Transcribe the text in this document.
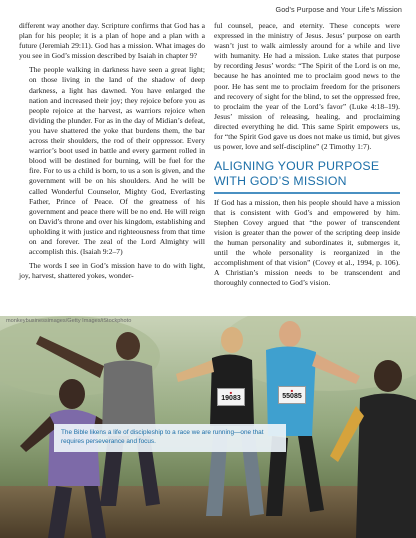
God’s Purpose and Your Life’s Mission

different way another day. Scripture confirms that God has a plan for his people; it is a plan of hope and a plan with a future (Jeremiah 29:11). God has a mission. What images do you see in God’s mission described by Isaiah in chapter 9?

The people walking in darkness have seen a great light; on those living in the land of the shadow of deep darkness, a light has dawned. You have enlarged the nation and increased their joy; they rejoice before you as people rejoice at the harvest, as warriors rejoice when dividing the plunder. For as in the day of Midian’s defeat, you have shattered the yoke that burdens them, the bar across their shoulders, the rod of their oppressor. Every warrior’s boot used in battle and every garment rolled in blood will be destined for burning, will be fuel for the fire. For to us a child is born, to us a son is given, and the government will be on his shoulders. And he will be called Wonderful Counselor, Mighty God, Everlasting Father, Prince of Peace. Of the greatness of his government and peace there will be no end. He will reign on David’s throne and over his kingdom, establishing and upholding it with justice and righteousness from that time on and forever. The zeal of the Lord Almighty will accomplish this. (Isaiah 9:2–7)

The words I see in God’s mission have to do with light, joy, harvest, shattered yokes, wonder-

ful counsel, peace, and eternity. These concepts were expressed in the ministry of Jesus. Jesus’ purpose on earth wasn’t just to walk aimlessly around for a while and live with humanity. He had a mission. Luke states that purpose by recording Jesus’ words: “The Spirit of the Lord is on me, because he has anointed me to proclaim good news to the poor. He has sent me to proclaim freedom for the prisoners and recovery of sight for the blind, to set the oppressed free, to proclaim the year of the Lord’s favor” (Luke 4:18–19). Jesus’ mission of releasing, healing, and proclaiming directed everything he did. This same Spirit empowers us, for “the Spirit God gave us does not make us timid, but gives us power, love and self-discipline” (2 Timothy 1:7).

ALIGNING YOUR PURPOSE
WITH GOD’S MISSION

If God has a mission, then his people should have a mission that is consistent with God’s and empowered by him. Stephen Covey argued that “the power of transcendent vision is greater than the power of the scripting deep inside the human personality and subordinates it, submerges it, until the whole personality is reorganized in the accomplishment of that vision” (Covey et al., 1994, p. 106). A Christian’s mission needs to be transcendent and thoroughly connected to God’s vision.

■
19083
■
55085
monkeybusinessimages/Getty Images/iStockphoto
The Bible likens a life of discipleship to a race we are running—one that requires perseverance and focus.
